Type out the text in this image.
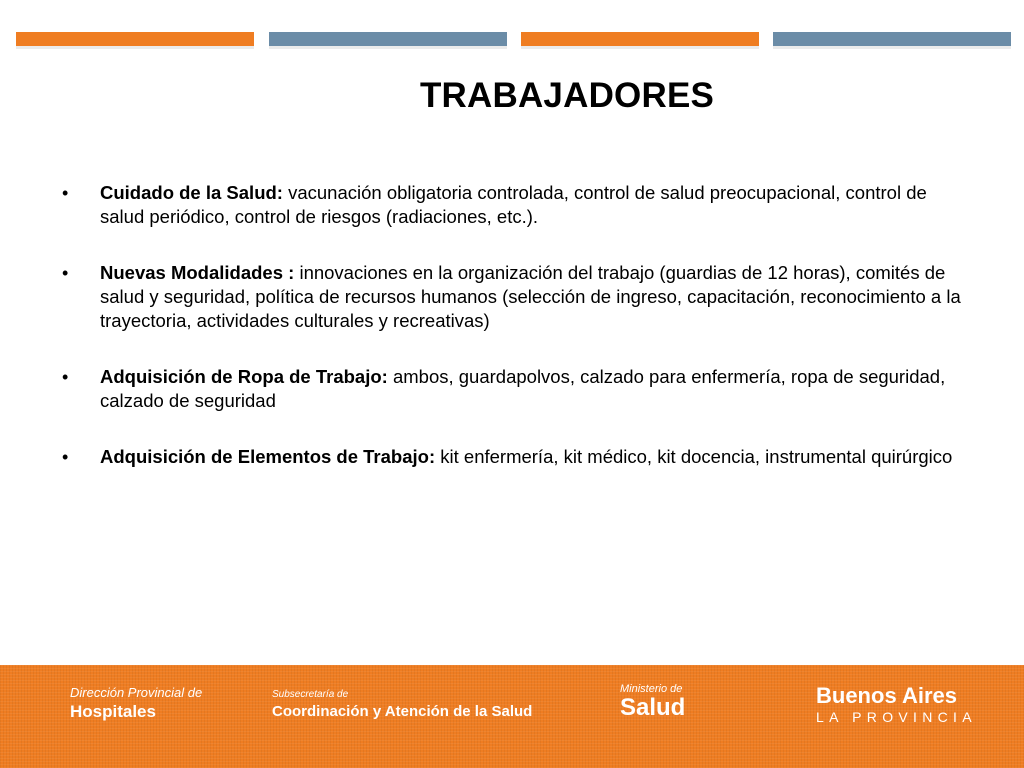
TRABAJADORES
•	Cuidado de la Salud: vacunación obligatoria controlada, control de salud preocupacional, control de salud periódico, control de riesgos (radiaciones, etc.).
•	Nuevas Modalidades : innovaciones en la organización del trabajo (guardias de 12 horas), comités de salud y seguridad, política de recursos humanos (selección de ingreso, capacitación, reconocimiento a la trayectoria, actividades culturales y recreativas)
•	Adquisición de Ropa de Trabajo: ambos, guardapolvos, calzado para enfermería, ropa de seguridad, calzado de seguridad
•	Adquisición de Elementos de Trabajo: kit enfermería, kit médico, kit docencia, instrumental quirúrgico
Dirección Provincial de
Hospitales
Subsecretaría de
Coordinación y Atención de la Salud
Ministerio de
Salud	Buenos Aires
LA PROVINCIA
